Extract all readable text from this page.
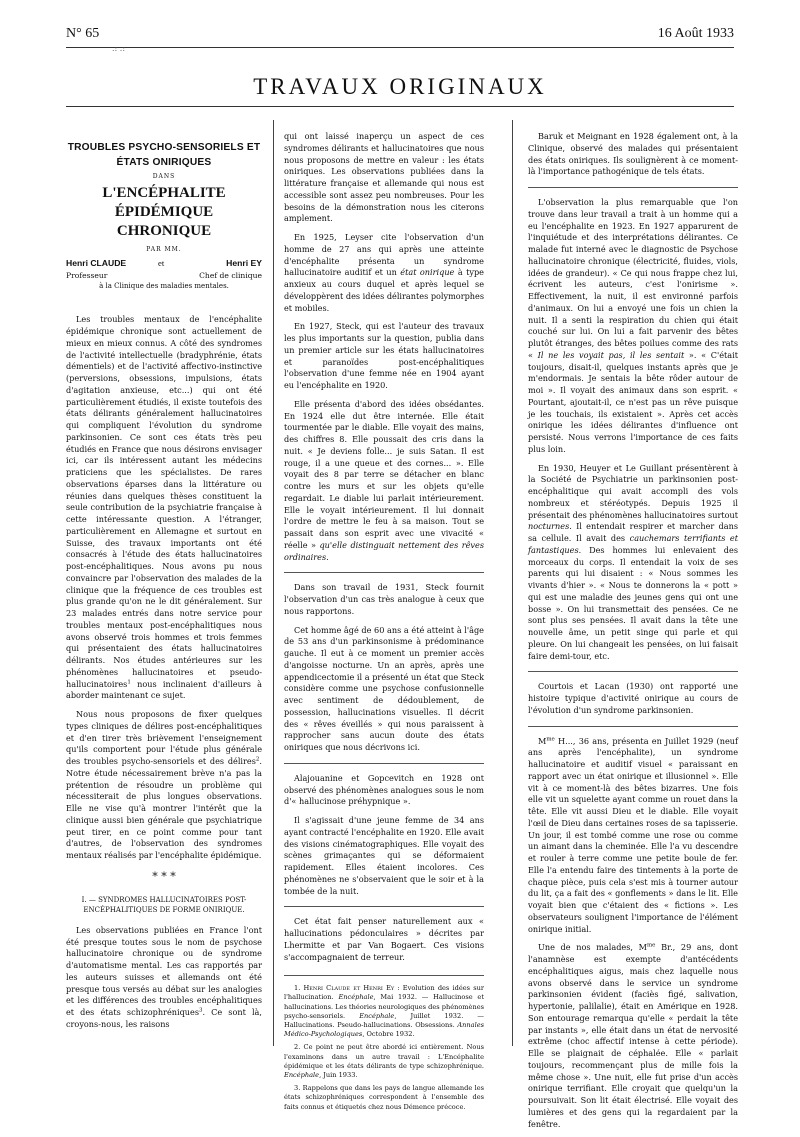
N° 65	16 Août 1933
.: .:
TRAVAUX ORIGINAUX
TROUBLES PSYCHO-SENSORIELS ET ÉTATS ONIRIQUES
DANS
L'ENCÉPHALITE ÉPIDÉMIQUE CHRONIQUE
PAR MM.
Henri CLAUDE	et	Henri EY
Professeur	Chef de clinique
à la Clinique des maladies mentales.

Les troubles mentaux de l'encéphalite épidémique chronique sont actuellement de mieux en mieux connus. A côté des syndromes de l'activité intellectuelle (bradyphrénie, états démentiels) et de l'activité affectivo-instinctive (perversions, obsessions, impulsions, états d'agitation anxieuse, etc...) qui ont été particulièrement étudiés, il existe toutefois des états délirants généralement hallucinatoires qui compliquent l'évolution du syndrome parkinsonien. Ce sont ces états très peu étudiés en France que nous désirons envisager ici, car ils intéressent autant les médecins praticiens que les spécialistes. De rares observations éparses dans la littérature ou réunies dans quelques thèses constituent la seule contribution de la psychiatrie française à cette intéressante question. A l'étranger, particulièrement en Allemagne et surtout en Suisse, des travaux importants ont été consacrés à l'étude des états hallucinatoires post-encéphalitiques. Nous avons pu nous convaincre par l'observation des malades de la clinique que la fréquence de ces troubles est plus grande qu'on ne le dit généralement. Sur 23 malades entrés dans notre service pour troubles mentaux post-encéphalitiques nous avons observé trois hommes et trois femmes qui présentaient des états hallucinatoires délirants. Nos études antérieures sur les phénomènes hallucinatoires et pseudo-hallucinatoires$^1$ nous inclinaient d'ailleurs à aborder maintenant ce sujet.

Nous nous proposons de fixer quelques types cliniques de délires post-encéphalitiques et d'en tirer très brièvement l'enseignement qu'ils comportent pour l'étude plus générale des troubles psycho-sensoriels et des délires$^2$. Notre étude nécessairement brève n'a pas la prétention de résoudre un problème qui nécessiterait de plus longues observations. Elle ne vise qu'à montrer l'intérêt que la clinique aussi bien générale que psychiatrique peut tirer, en ce point comme pour tant d'autres, de l'observation des syndromes mentaux réalisés par l'encéphalite épidémique.

* * *
I. — SYNDROMES HALLUCINATOIRES POST-ENCÉPHALITIQUES DE FORME ONIRIQUE.

Les observations publiées en France l'ont été presque toutes sous le nom de psychose hallucinatoire chronique ou de syndrome d'automatisme mental. Les cas rapportés par les auteurs suisses et allemands ont été presque tous versés au débat sur les analogies et les différences des troubles encéphalitiques et des états schizophréniques$^3$. Ce sont là, croyons-nous, les raisons

qui ont laissé inaperçu un aspect de ces syndromes délirants et hallucinatoires que nous nous proposons de mettre en valeur : les états oniriques. Les observations publiées dans la littérature française et allemande qui nous est accessible sont assez peu nombreuses. Pour les besoins de la démonstration nous les citerons amplement.

En 1925, Leyser cite l'observation d'un homme de 27 ans qui après une atteinte d'encéphalite présenta un syndrome hallucinatoire auditif et un état onirique à type anxieux au cours duquel et après lequel se développèrent des idées délirantes polymorphes et mobiles.

En 1927, Steck, qui est l'auteur des travaux les plus importants sur la question, publia dans un premier article sur les états hallucinatoires et paranoïdes post-encéphalitiques l'observation d'une femme née en 1904 ayant eu l'encéphalite en 1920.

Elle présenta d'abord des idées obsédantes. En 1924 elle dut être internée. Elle était tourmentée par le diable. Elle voyait des mains, des chiffres 8. Elle poussait des cris dans la nuit. « Je deviens folle... je suis Satan. Il est rouge, il a une queue et des cornes... ». Elle voyait des 8 par terre se détacher en blanc contre les murs et sur les objets qu'elle regardait. Le diable lui parlait intérieurement. Elle le voyait intérieurement. Il lui donnait l'ordre de mettre le feu à sa maison. Tout se passait dans son esprit avec une vivacité « réelle » qu'elle distinguait nettement des rêves ordinaires.

Dans son travail de 1931, Steck fournit l'observation d'un cas très analogue à ceux que nous rapportons.

Cet homme âgé de 60 ans a été atteint à l'âge de 53 ans d'un parkinsonisme à prédominance gauche. Il eut à ce moment un premier accès d'angoisse nocturne. Un an après, après une appendicectomie il a présenté un état que Steck considère comme une psychose confusionnelle avec sentiment de dédoublement, de possession, hallucinations visuelles. Il décrit des « rêves éveillés » qui nous paraissent à rapprocher sans aucun doute des états oniriques que nous décrivons ici.

Alajouanine et Gopcevitch en 1928 ont observé des phénomènes analogues sous le nom d'« hallucinose préhypnique ».

Il s'agissait d'une jeune femme de 34 ans ayant contracté l'encéphalite en 1920. Elle avait des visions cinématographiques. Elle voyait des scènes grimaçantes qui se déformaient rapidement. Elles étaient incolores. Ces phénomènes ne s'observaient que le soir et à la tombée de la nuit.

Cet état fait penser naturellement aux « hallucinations pédonculaires » décrites par Lhermitte et par Van Bogaert. Ces visions s'accompagnaient de terreur.

1. Henri Claude et Henri Ey : Evolution des idées sur l'hallucination. Encéphale, Mai 1932. — Hallucinose et hallucinations. Les théories neurologiques des phénomènes psycho-sensoriels. Encéphale, Juillet 1932. — Hallucinations. Pseudo-hallucinations. Obsessions. Annales Médico-Psychologiques, Octobre 1932.

2. Ce point ne peut être abordé ici entièrement. Nous l'examinons dans un autre travail : L'Encéphalite épidémique et les états délirants de type schizophrénique. Encéphale, Juin 1933.

3. Rappelons que dans les pays de langue allemande les états schizophréniques correspondent à l'ensemble des faits connus et étiquetés chez nous Démence précoce.

Baruk et Meignant en 1928 également ont, à la Clinique, observé des malades qui présentaient des états oniriques. Ils soulignèrent à ce moment-là l'importance pathogénique de tels états.

L'observation la plus remarquable que l'on trouve dans leur travail a trait à un homme qui a eu l'encéphalite en 1923. En 1927 apparurent de l'inquiétude et des interprétations délirantes. Ce malade fut interné avec le diagnostic de Psychose hallucinatoire chronique (électricité, fluides, viols, idées de grandeur). « Ce qui nous frappe chez lui, écrivent les auteurs, c'est l'onirisme ». Effectivement, la nuit, il est environné parfois d'animaux. On lui a envoyé une fois un chien la nuit. Il a senti la respiration du chien qui était couché sur lui. On lui a fait parvenir des bêtes plutôt étranges, des bêtes poilues comme des rats « Il ne les voyait pas, il les sentait ». « C'était toujours, disait-il, quelques instants après que je m'endormais. Je sentais la bête rôder autour de moi ». Il voyait des animaux dans son esprit. « Pourtant, ajoutait-il, ce n'est pas un rêve puisque je les touchais, ils existaient ». Après cet accès onirique les idées délirantes d'influence ont persisté. Nous verrons l'importance de ces faits plus loin.

En 1930, Heuyer et Le Guillant présentèrent à la Société de Psychiatrie un parkinsonien post-encéphalitique qui avait accompli des vols nombreux et stéréotypés. Depuis 1925 il présentait des phénomènes hallucinatoires surtout nocturnes. Il entendait respirer et marcher dans sa cellule. Il avait des cauchemars terrifiants et fantastiques. Des hommes lui enlevaient des morceaux du corps. Il entendait la voix de ses parents qui lui disaient : « Nous sommes les vivants d'hier ». « Nous te donnerons la « pott » qui est une maladie des jeunes gens qui ont une bosse ». On lui transmettait des pensées. Ce ne sont plus ses pensées. Il avait dans la tête une nouvelle âme, un petit singe qui parle et qui pleure. On lui changeait les pensées, on lui faisait faire demi-tour, etc.

Courtois et Lacan (1930) ont rapporté une histoire typique d'activité onirique au cours de l'évolution d'un syndrome parkinsonien.

$M^{me}$ H..., 36 ans, présenta en Juillet 1929 (neuf ans après l'encéphalite), un syndrome hallucinatoire et auditif visuel « paraissant en rapport avec un état onirique et illusionnel ». Elle vit à ce moment-là des bêtes bizarres. Une fois elle vit un squelette ayant comme un rouet dans la tête. Elle vit aussi Dieu et le diable. Elle voyait l'œil de Dieu dans certaines roses de sa tapisserie. Un jour, il est tombé comme une rose ou comme un aimant dans la cheminée. Elle l'a vu descendre et rouler à terre comme une petite boule de fer. Elle l'a entendu faire des tintements à la porte de chaque pièce, puis cela s'est mis à tourner autour du lit, ça a fait des « gonflements » dans le lit. Elle voyait bien que c'étaient des « fictions ». Les observateurs soulignent l'importance de l'élément onirique initial.

Une de nos malades, $M^{me}$ Br., 29 ans, dont l'anamnèse est exempte d'antécédents encéphalitiques aigus, mais chez laquelle nous avons observé dans le service un syndrome parkinsonien évident (faciès figé, salivation, hypertonie, palilalie), était en Amérique en 1928. Son entourage remarqua qu'elle « perdait la tête par instants », elle était dans un état de nervosité extrême (choc affectif intense à cette période). Elle se plaignait de céphalée. Elle « parlait toujours, recommençant plus de mille fois la même chose ». Une nuit, elle fut prise d'un accès onirique terrifiant. Elle croyait que quelqu'un la poursuivait. Son lit était électrisé. Elle voyait des lumières et des gens qui la regardaient par la fenêtre.
